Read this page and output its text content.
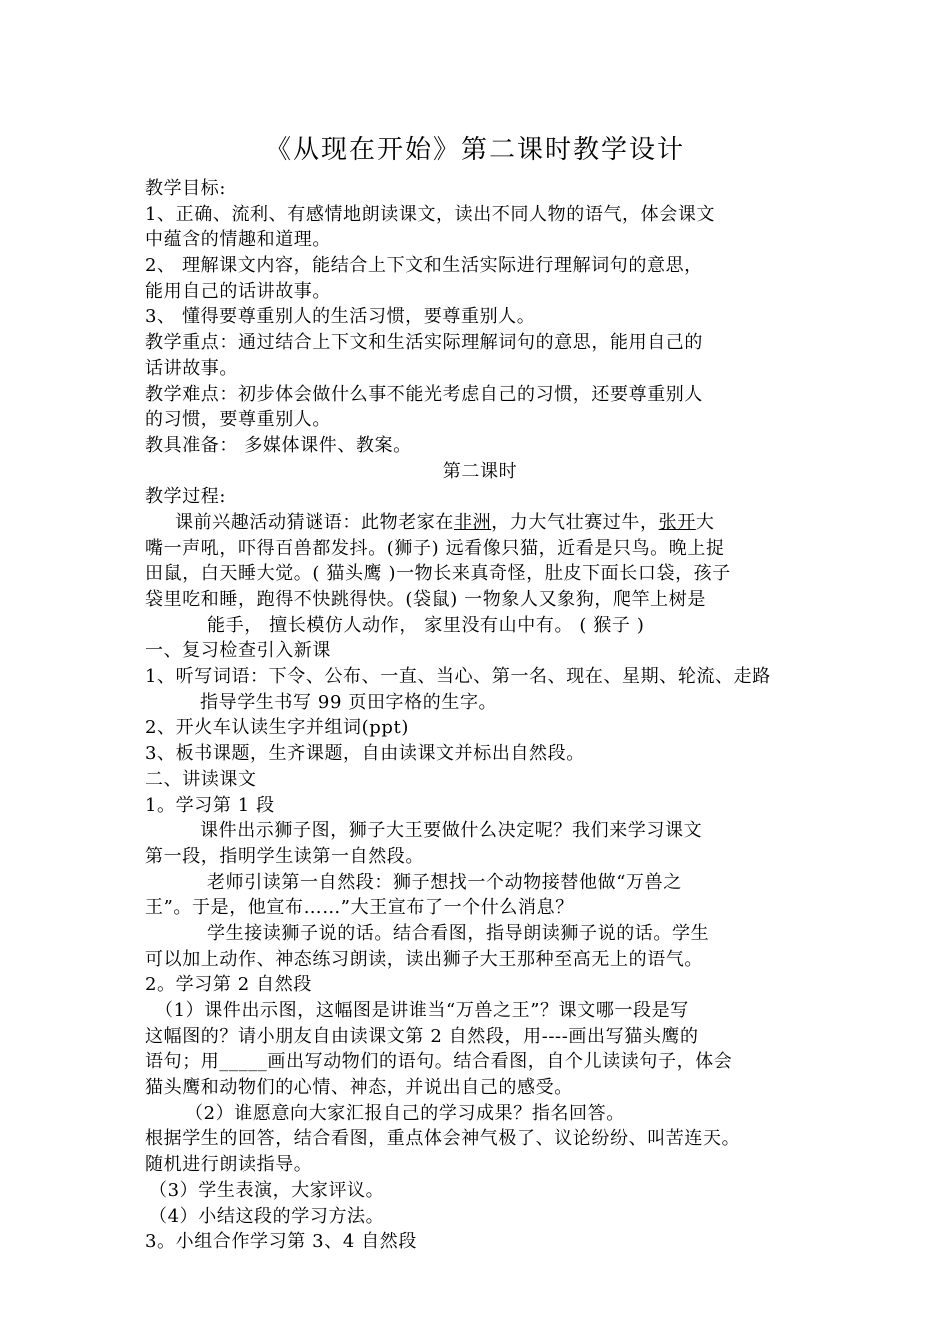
《从现在开始》第二课时教学设计
教学目标:
1、正确、流利、有感情地朗读课文，读出不同人物的语气，体会课文
中蕴含的情趣和道理。
2、 理解课文内容，能结合上下文和生活实际进行理解词句的意思，
能用自己的话讲故事。
3、 懂得要尊重别人的生活习惯，要尊重别人。
教学重点：通过结合上下文和生活实际理解词句的意思，能用自己的
话讲故事。
教学难点：初步体会做什么事不能光考虑自己的习惯，还要尊重别人
的习惯，要尊重别人。
教具准备： 多媒体课件、教案。
第二课时
教学过程:
课前兴趣活动猜谜语：此物老家在非洲，力大气壮赛过牛，张开大
嘴一声吼，吓得百兽都发抖。(狮子) 远看像只猫，近看是只鸟。晚上捉
田鼠，白天睡大觉。( 猫头鹰 )一物长来真奇怪，肚皮下面长口袋，孩子
袋里吃和睡，跑得不快跳得快。(袋鼠) 一物象人又象狗，爬竿上树是
能手， 擅长模仿人动作， 家里没有山中有。 ( 猴子 )
一、复习检查引入新课
1、听写词语：下令、公布、一直、当心、第一名、现在、星期、轮流、走路
指导学生书写 99 页田字格的生字。
2、开火车认读生字并组词(ppt)
3、板书课题，生齐课题，自由读课文并标出自然段。
二、讲读课文
1。学习第 1 段
课件出示狮子图，狮子大王要做什么决定呢？我们来学习课文
第一段，指明学生读第一自然段。
老师引读第一自然段：狮子想找一个动物接替他做“万兽之
王”。于是，他宣布……”大王宣布了一个什么消息？
学生接读狮子说的话。结合看图，指导朗读狮子说的话。学生
可以加上动作、神态练习朗读，读出狮子大王那种至高无上的语气。
2。学习第 2 自然段
（1）课件出示图，这幅图是讲谁当“万兽之王”？课文哪一段是写
这幅图的？请小朋友自由读课文第 2 自然段，用----画出写猫头鹰的
语句；用_____画出写动物们的语句。结合看图，自个儿读读句子，体会
猫头鹰和动物们的心情、神态，并说出自己的感受。
（2）谁愿意向大家汇报自己的学习成果？指名回答。
根据学生的回答，结合看图，重点体会神气极了、议论纷纷、叫苦连天。
随机进行朗读指导。
（3）学生表演，大家评议。
（4）小结这段的学习方法。
3。小组合作学习第 3、4 自然段
